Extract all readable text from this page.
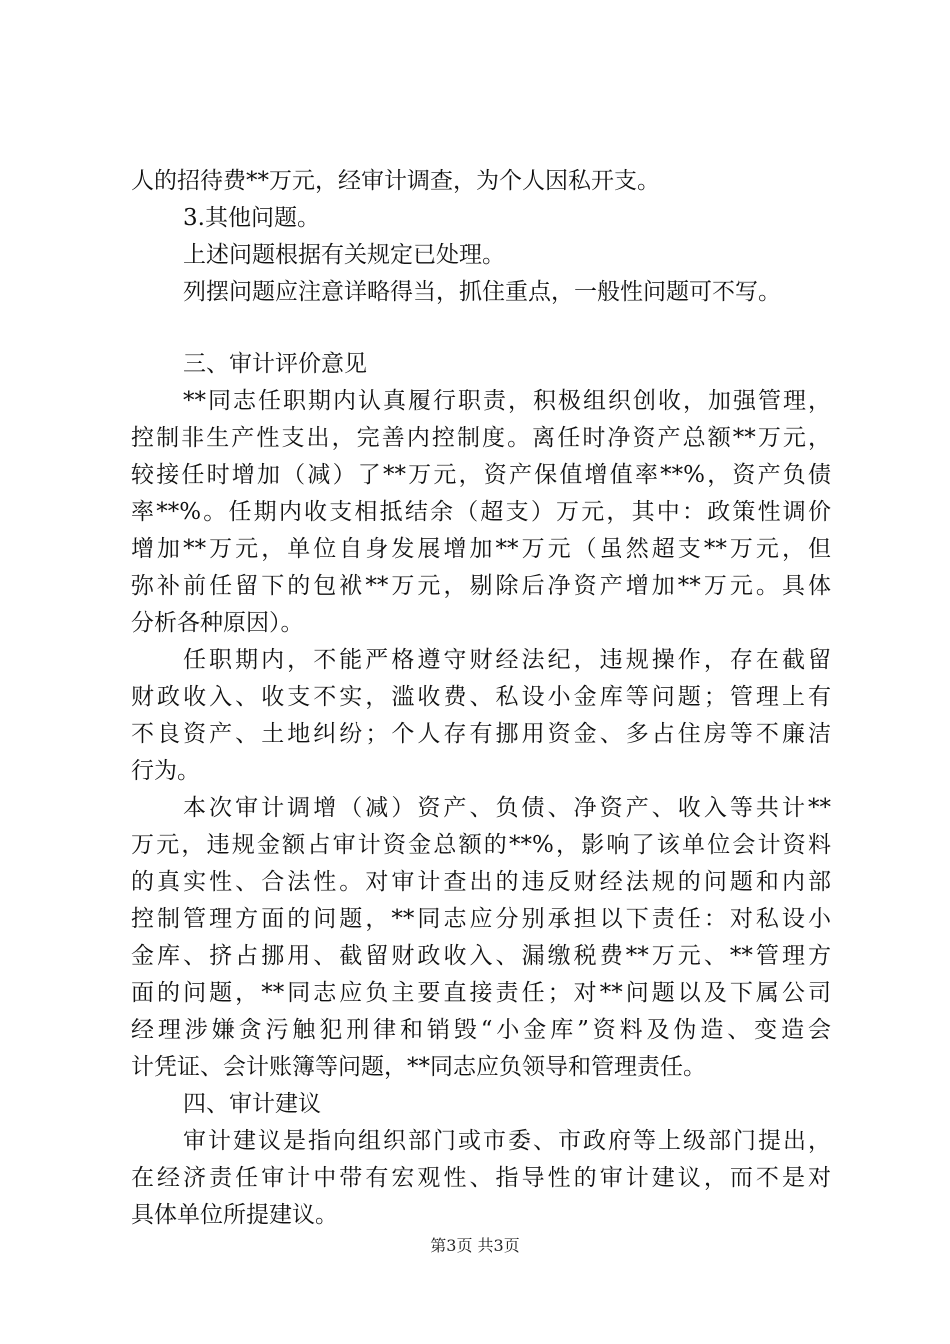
人的招待费**万元，经审计调查，为个人因私开支。
3.其他问题。
上述问题根据有关规定已处理。
列摆问题应注意详略得当，抓住重点，一般性问题可不写。
三、审计评价意见
**同志任职期内认真履行职责，积极组织创收，加强管理，
控制非生产性支出，完善内控制度。离任时净资产总额**万元，
较接任时增加（减）了**万元，资产保值增值率**%，资产负债
率**%。任期内收支相抵结余（超支）万元，其中：政策性调价
增加**万元，单位自身发展增加**万元（虽然超支**万元，但
弥补前任留下的包袱**万元，剔除后净资产增加**万元。具体
分析各种原因）。
任职期内，不能严格遵守财经法纪，违规操作，存在截留
财政收入、收支不实，滥收费、私设小金库等问题；管理上有
不良资产、土地纠纷；个人存有挪用资金、多占住房等不廉洁
行为。
本次审计调增（减）资产、负债、净资产、收入等共计**
万元，违规金额占审计资金总额的**%，影响了该单位会计资料
的真实性、合法性。对审计查出的违反财经法规的问题和内部
控制管理方面的问题，**同志应分别承担以下责任：对私设小
金库、挤占挪用、截留财政收入、漏缴税费**万元、**管理方
面的问题，**同志应负主要直接责任；对**问题以及下属公司
经理涉嫌贪污触犯刑律和销毁“小金库”资料及伪造、变造会
计凭证、会计账簿等问题，**同志应负领导和管理责任。
四、审计建议
审计建议是指向组织部门或市委、市政府等上级部门提出，
在经济责任审计中带有宏观性、指导性的审计建议，而不是对
具体单位所提建议。
第3页 共3页
